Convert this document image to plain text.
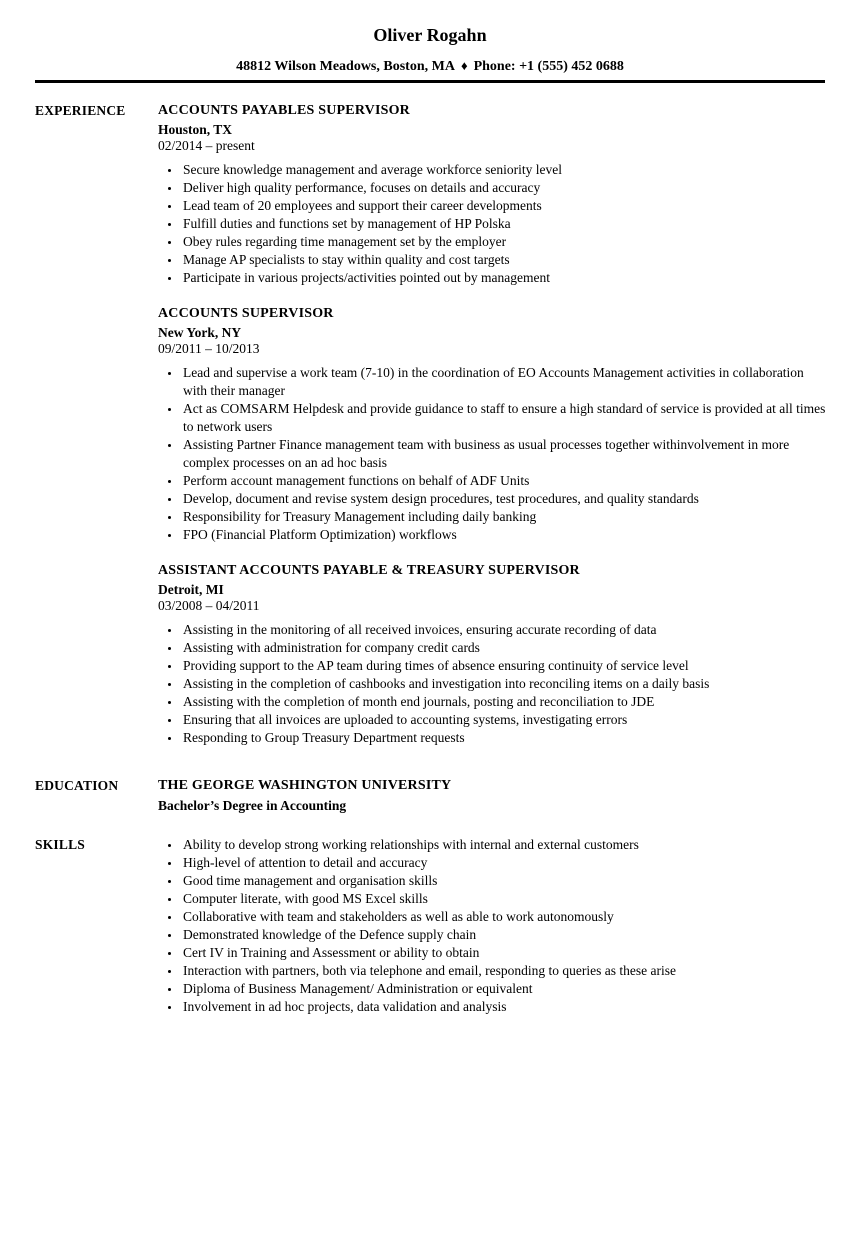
Oliver Rogahn
48812 Wilson Meadows, Boston, MA ♦ Phone: +1 (555) 452 0688
EXPERIENCE	ACCOUNTS PAYABLES SUPERVISOR
Houston, TX
02/2014 – present
• Secure knowledge management and average workforce seniority level
• Deliver high quality performance, focuses on details and accuracy
• Lead team of 20 employees and support their career developments
• Fulfill duties and functions set by management of HP Polska
• Obey rules regarding time management set by the employer
• Manage AP specialists to stay within quality and cost targets
• Participate in various projects/activities pointed out by management
ACCOUNTS SUPERVISOR
New York, NY
09/2011 – 10/2013
• Lead and supervise a work team (7-10) in the coordination of EO Accounts Management activities in collaboration with their manager
• Act as COMSARM Helpdesk and provide guidance to staff to ensure a high standard of service is provided at all times to network users
• Assisting Partner Finance management team with business as usual processes together withinvolvement in more complex processes on an ad hoc basis
• Perform account management functions on behalf of ADF Units
• Develop, document and revise system design procedures, test procedures, and quality standards
• Responsibility for Treasury Management including daily banking
• FPO (Financial Platform Optimization) workflows
ASSISTANT ACCOUNTS PAYABLE & TREASURY SUPERVISOR
Detroit, MI
03/2008 – 04/2011
• Assisting in the monitoring of all received invoices, ensuring accurate recording of data
• Assisting with administration for company credit cards
• Providing support to the AP team during times of absence ensuring continuity of service level
• Assisting in the completion of cashbooks and investigation into reconciling items on a daily basis
• Assisting with the completion of month end journals, posting and reconciliation to JDE
• Ensuring that all invoices are uploaded to accounting systems, investigating errors
• Responding to Group Treasury Department requests
EDUCATION	THE GEORGE WASHINGTON UNIVERSITY
Bachelor’s Degree in Accounting
SKILLS	• Ability to develop strong working relationships with internal and external customers
• High-level of attention to detail and accuracy
• Good time management and organisation skills
• Computer literate, with good MS Excel skills
• Collaborative with team and stakeholders as well as able to work autonomously
• Demonstrated knowledge of the Defence supply chain
• Cert IV in Training and Assessment or ability to obtain
• Interaction with partners, both via telephone and email, responding to queries as these arise
• Diploma of Business Management/ Administration or equivalent
• Involvement in ad hoc projects, data validation and analysis
